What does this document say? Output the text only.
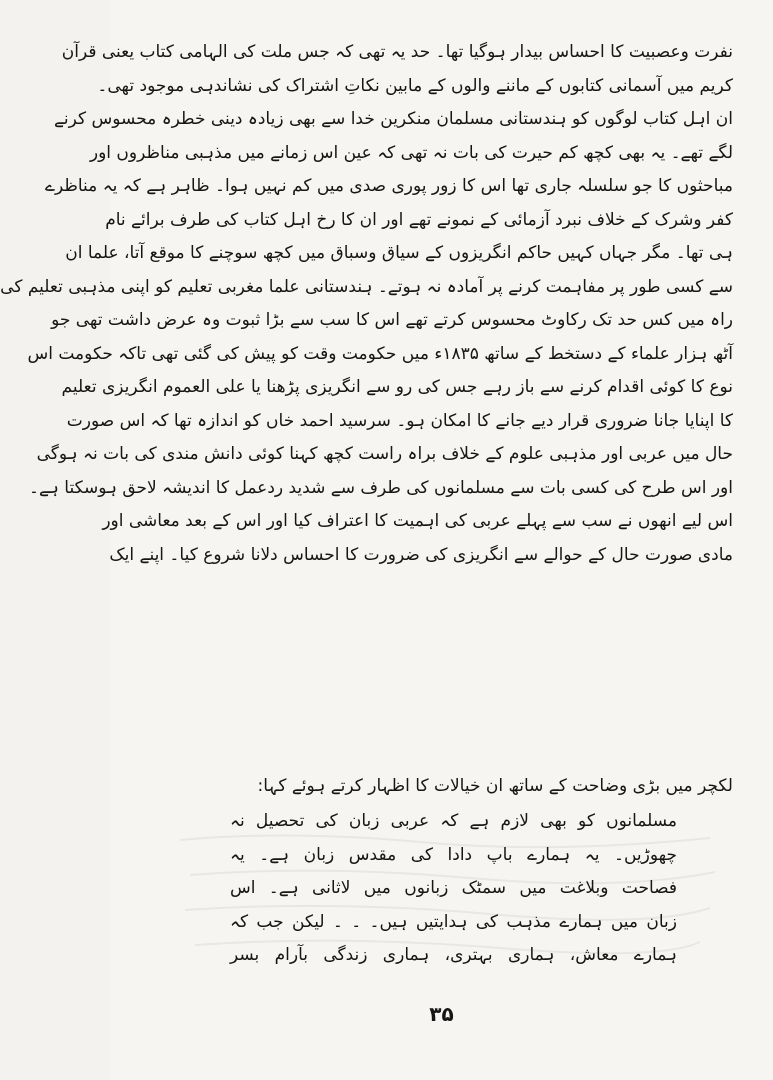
نفرت وعصبیت کا احساس بیدار ہوگیا تھا۔ حد یہ تھی کہ جس ملت کی الہامی کتاب یعنی قرآن
کریم میں آسمانی کتابوں کے ماننے والوں کے مابین نکاتِ اشتراک کی نشاندہی موجود تھی۔
ان اہل کتاب لوگوں کو ہندستانی مسلمان منکرین خدا سے بھی زیادہ دینی خطرہ محسوس کرنے
لگے تھے۔ یہ بھی کچھ کم حیرت کی بات نہ تھی کہ عین اس زمانے میں مذہبی مناظروں اور
مباحثوں کا جو سلسلہ جاری تھا اس کا زور پوری صدی میں کم نہیں ہوا۔ ظاہر ہے کہ یہ مناظرے
کفر وشرک کے خلاف نبرد آزمائی کے نمونے تھے اور ان کا رخ اہل کتاب کی طرف برائے نام
ہی تھا۔ مگر جہاں کہیں حاکم انگریزوں کے سیاق وسباق میں کچھ سوچنے کا موقع آتا، علما ان
سے کسی طور پر مفاہمت کرنے پر آمادہ نہ ہوتے۔ ہندستانی علما مغربی تعلیم کو اپنی مذہبی تعلیم کی
راہ میں کس حد تک رکاوٹ محسوس کرتے تھے اس کا سب سے بڑا ثبوت وہ عرض داشت تھی جو
آٹھ ہزار علماء کے دستخط کے ساتھ ۱۸۳۵ء میں حکومت وقت کو پیش کی گئی تھی تاکہ حکومت اس
نوع کا کوئی اقدام کرنے سے باز رہے جس کی رو سے انگریزی پڑھنا یا علی العموم انگریزی تعلیم
کا اپنایا جانا ضروری قرار دیے جانے کا امکان ہو۔ سرسید احمد خاں کو اندازہ تھا کہ اس صورت
حال میں عربی اور مذہبی علوم کے خلاف براہ راست کچھ کہنا کوئی دانش مندی کی بات نہ ہوگی
اور اس طرح کی کسی بات سے مسلمانوں کی طرف سے شدید ردعمل کا اندیشہ لاحق ہوسکتا ہے۔
اس لیے انھوں نے سب سے پہلے عربی کی اہمیت کا اعتراف کیا اور اس کے بعد معاشی اور
مادی صورت حال کے حوالے سے انگریزی کی ضرورت کا احساس دلانا شروع کیا۔ اپنے ایک
لکچر میں بڑی وضاحت کے ساتھ ان خیالات کا اظہار کرتے ہوئے کہا:
مسلمانوں کو بھی لازم ہے کہ عربی زبان کی تحصیل نہ
چھوڑیں۔ یہ ہمارے باپ دادا کی مقدس زبان ہے۔ یہ
فصاحت وبلاغت میں سمٹک زبانوں میں لاثانی ہے۔ اس
زبان میں ہمارے مذہب کی ہدایتیں ہیں۔ ۔ ۔ لیکن جب کہ
ہمارے معاش، ہماری بہتری، ہماری زندگی بآرام بسر
۳۵
